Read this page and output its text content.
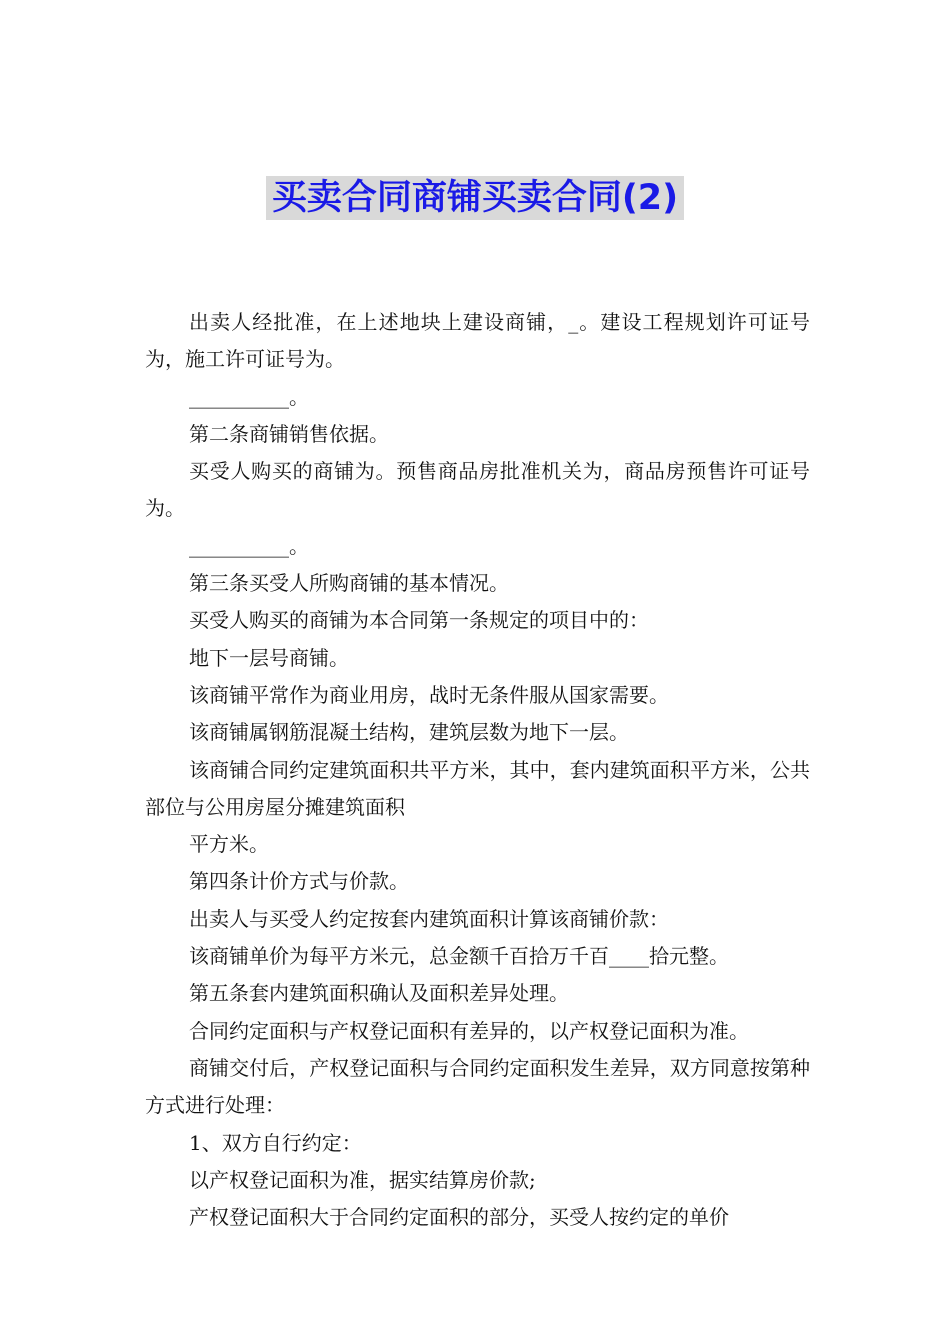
买卖合同商铺买卖合同(2)

出卖人经批准，在上述地块上建设商铺，_。建设工程规划许可证号为，施工许可证号为。

__________。

第二条商铺销售依据。

买受人购买的商铺为。预售商品房批准机关为，商品房预售许可证号为。

__________。

第三条买受人所购商铺的基本情况。

买受人购买的商铺为本合同第一条规定的项目中的：

地下一层号商铺。

该商铺平常作为商业用房，战时无条件服从国家需要。

该商铺属钢筋混凝土结构，建筑层数为地下一层。

该商铺合同约定建筑面积共平方米，其中，套内建筑面积平方米，公共部位与公用房屋分摊建筑面积

平方米。

第四条计价方式与价款。

出卖人与买受人约定按套内建筑面积计算该商铺价款：

该商铺单价为每平方米元，总金额千百拾万千百____拾元整。

第五条套内建筑面积确认及面积差异处理。

合同约定面积与产权登记面积有差异的，以产权登记面积为准。

商铺交付后，产权登记面积与合同约定面积发生差异，双方同意按第种方式进行处理：

1、双方自行约定：

以产权登记面积为准，据实结算房价款;

产权登记面积大于合同约定面积的部分，买受人按约定的单价
